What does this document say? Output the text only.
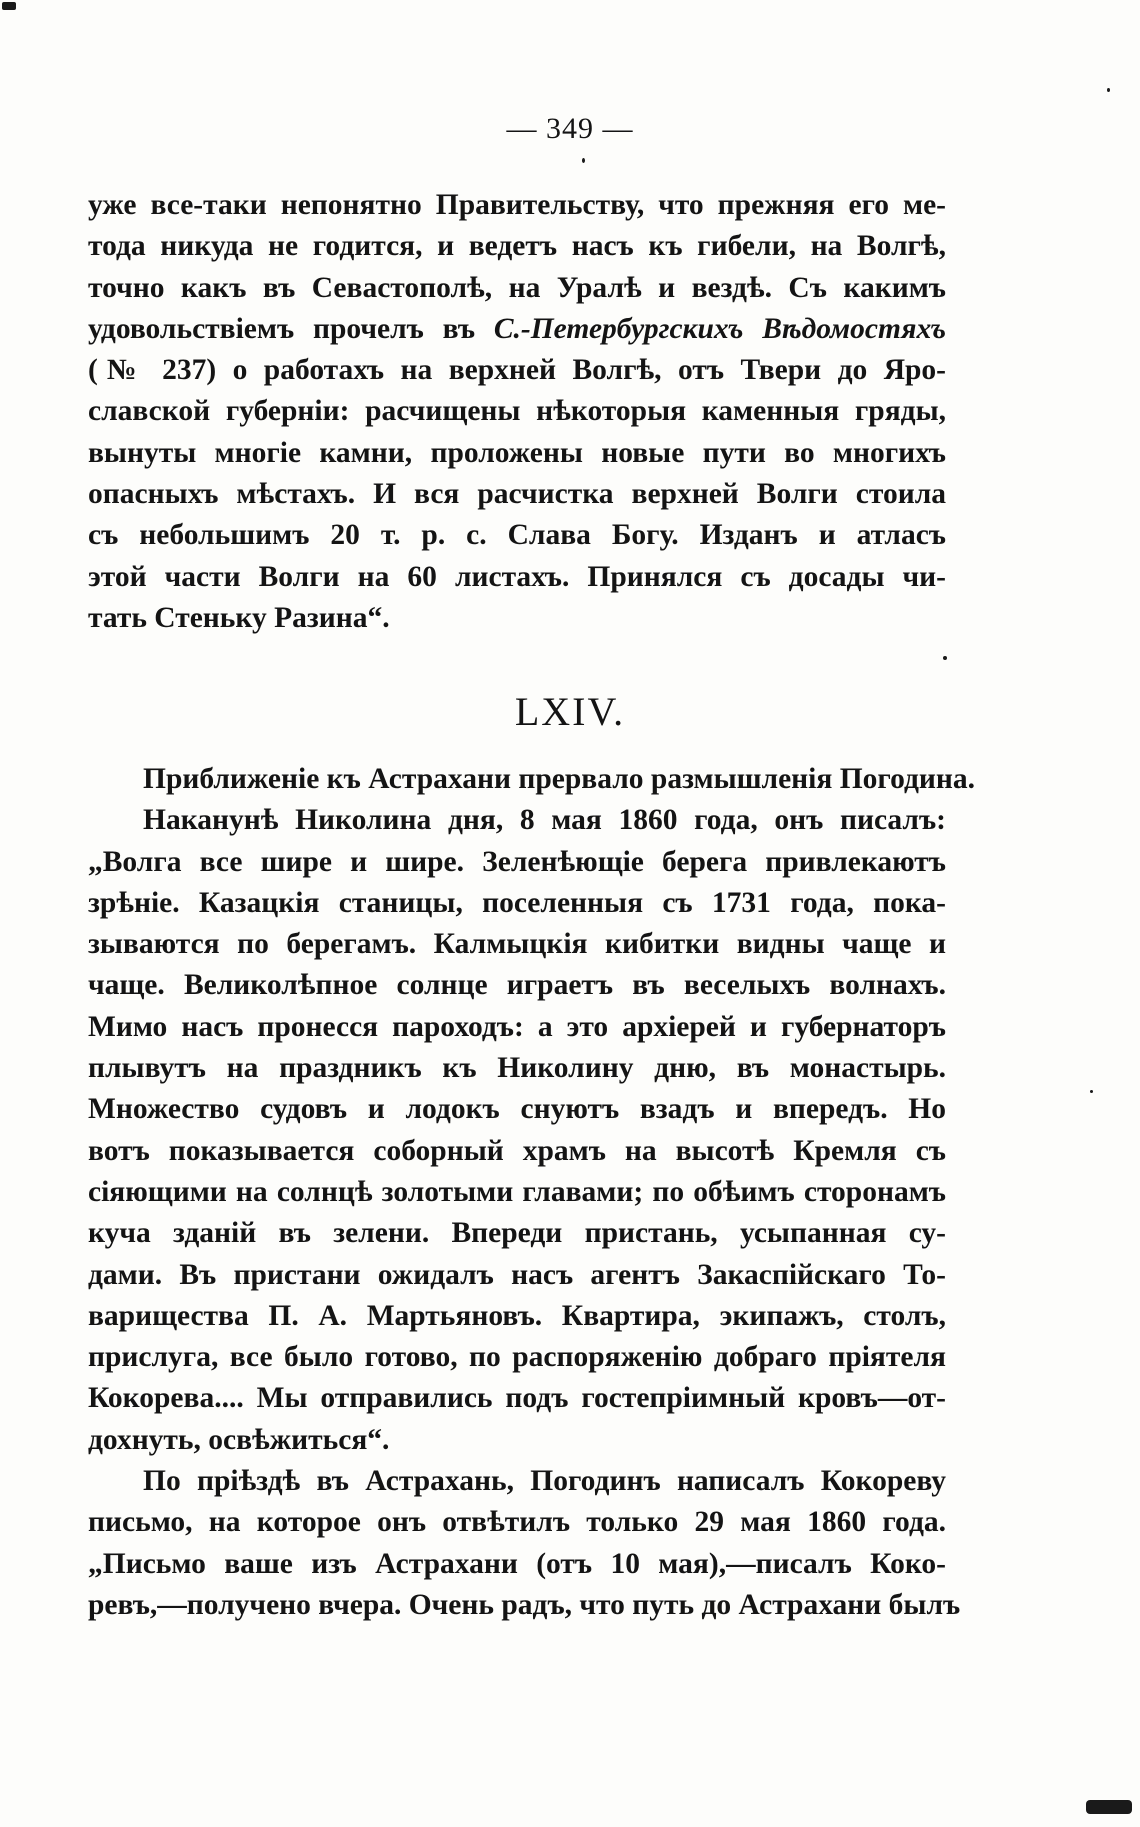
— 349 —
уже все-таки непонятно Правительству, что прежняя его ме-
тода никуда не годится, и ведетъ насъ къ гибели, на Волгѣ,
точно какъ въ Севастополѣ, на Уралѣ и вездѣ. Съ какимъ
удовольствіемъ прочелъ въ С.-Петербургскихъ Вѣдомостяхъ
(№ 237) о работахъ на верхней Волгѣ, отъ Твери до Яро-
славской губерніи: расчищены нѣкоторыя каменныя гряды,
вынуты многіе камни, проложены новые пути во многихъ
опасныхъ мѣстахъ. И вся расчистка верхней Волги стоила
съ небольшимъ 20 т. р. с. Слава Богу. Изданъ и атласъ
этой части Волги на 60 листахъ. Принялся съ досады чи-
тать Стеньку Разина“.
LXIV.
Приближеніе къ Астрахани прервало размышленія Погодина.
Наканунѣ Николина дня, 8 мая 1860 года, онъ писалъ:
„Волга все шире и шире. Зеленѣющіе берега привлекаютъ
зрѣніе. Казацкія станицы, поселенныя съ 1731 года, пока-
зываются по берегамъ. Калмыцкія кибитки видны чаще и
чаще. Великолѣпное солнце играетъ въ веселыхъ волнахъ.
Мимо насъ пронесся пароходъ: а это архіерей и губернаторъ
плывутъ на праздникъ къ Николину дню, въ монастырь.
Множество судовъ и лодокъ снуютъ взадъ и впередъ. Но
вотъ показывается соборный храмъ на высотѣ Кремля съ
сіяющими на солнцѣ золотыми главами; по обѣимъ сторонамъ
куча зданій въ зелени. Впереди пристань, усыпанная су-
дами. Въ пристани ожидалъ насъ агентъ Закаспійскаго То-
варищества П. А. Мартьяновъ. Квартира, экипажъ, столъ,
прислуга, все было готово, по распоряженію добраго пріятеля
Кокорева.... Мы отправились подъ гостепріимный кровъ—от-
дохнуть, освѣжиться“.
По пріѣздѣ въ Астрахань, Погодинъ написалъ Кокореву
письмо, на которое онъ отвѣтилъ только 29 мая 1860 года.
„Письмо ваше изъ Астрахани (отъ 10 мая),—писалъ Коко-
ревъ,—получено вчера. Очень радъ, что путь до Астрахани былъ
